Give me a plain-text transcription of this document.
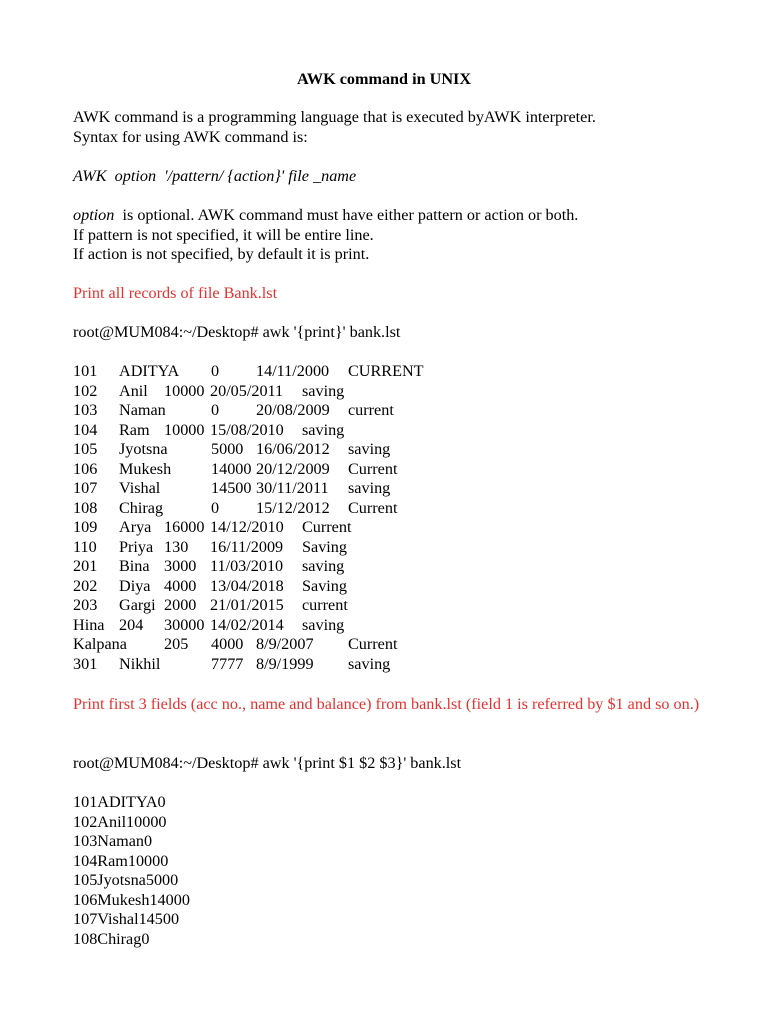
AWK command in UNIX
AWK command is a programming language that is executed byAWK interpreter.
Syntax for using AWK command is:
AWK  option  '/pattern/ {action}' file _name
option  is optional. AWK command must have either pattern or action or both.
If pattern is not specified, it will be entire line.
If action is not specified, by default it is print.
Print all records of file Bank.lst
root@MUM084:~/Desktop# awk '{print}' bank.lst
101 ADITYA 0 14/11/2000 CURRENT
102 Anil 10000 20/05/2011 saving
103 Naman	0 20/08/2009 current
104 Ram 10000 15/08/2010 saving
105 Jyotsna	5000 16/06/2012 saving
106 Mukesh 14000 20/12/2009 Current
107 Vishal	14500 30/11/2011 saving
108 Chirag	0 15/12/2012 Current
109 Arya 16000 14/12/2010 Current
110 Priya 130 16/11/2009 Saving
201 Bina 3000 11/03/2010 saving
202 Diya 4000 13/04/2018 Saving
203 Gargi 2000 21/01/2015 current
Hina 204 30000 14/02/2014 saving
Kalpana 205 4000 8/9/2007 Current
301 Nikhil	7777 8/9/1999 saving
Print first 3 fields (acc no., name and balance) from bank.lst (field 1 is referred by $1 and so on.)
root@MUM084:~/Desktop# awk '{print $1 $2 $3}' bank.lst
101ADITYA0
102Anil10000
103Naman0
104Ram10000
105Jyotsna5000
106Mukesh14000
107Vishal14500
108Chirag0
